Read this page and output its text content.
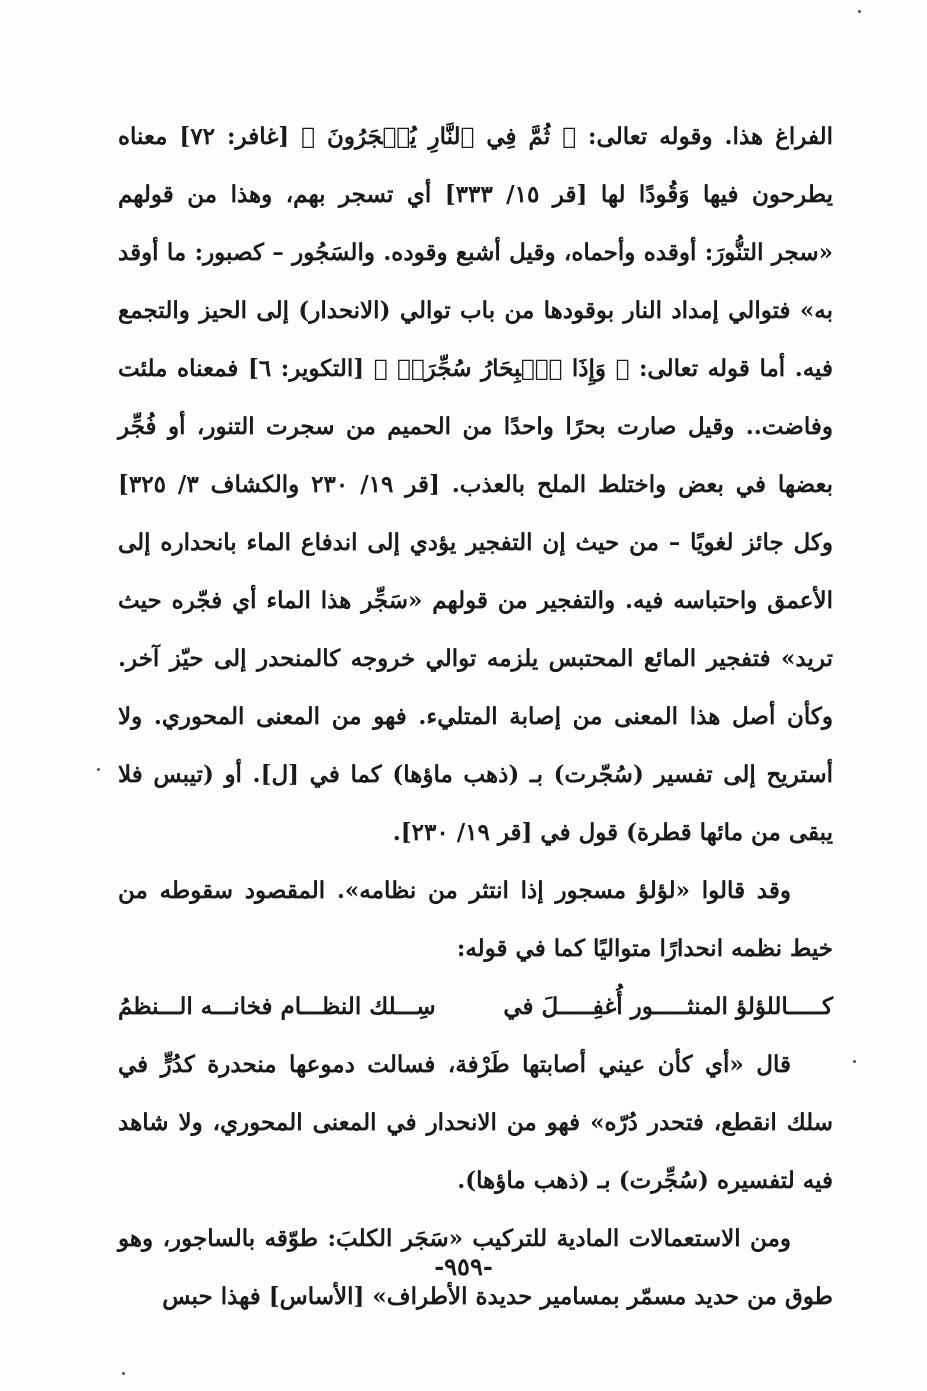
الفراغ هذا. وقوله تعالى: ﴿ ثُمَّ فِي ٱلنَّارِ يُسۡجَرُونَ ﴾ [غافر: ٧٢] معناه يطرحون فيها وَقُودًا لها [قر ١٥/ ٣٣٣] أي تسجر بهم، وهذا من قولهم «سجر التنُّورَ: أوقده وأحماه، وقيل أشبع وقوده. والسَجُور – كصبور: ما أوقد به» فتوالي إمداد النار بوقودها من باب توالي (الانحدار) إلى الحيز والتجمع فيه. أما قوله تعالى: ﴿ وَإِذَا ٱلۡبِحَارُ سُجِّرَتۡ ﴾ [التكوير: ٦] فمعناه ملئت وفاضت.. وقيل صارت بحرًا واحدًا من الحميم من سجرت التنور، أو فُجِّر بعضها في بعض واختلط الملح بالعذب. [قر ١٩/ ٢٣٠ والكشاف ٣/ ٣٢٥] وكل جائز لغويًا – من حيث إن التفجير يؤدي إلى اندفاع الماء بانحداره إلى الأعمق واحتباسه فيه. والتفجير من قولهم «سَجِّر هذا الماء أي فجّره حيث تريد» فتفجير المائع المحتبس يلزمه توالي خروجه كالمنحدر إلى حيّز آخر. وكأن أصل هذا المعنى من إصابة المتليء. فهو من المعنى المحوري. ولا أستريح إلى تفسير (سُجّرت) بـ (ذهب ماؤها) كما في [ل]. أو (تيبس فلا يبقى من مائها قطرة) قول في [قر ١٩/ ٢٣٠].

وقد قالوا «لؤلؤ مسجور إذا انتثر من نظامه». المقصود سقوطه من خيط نظمه انحدارًا متواليًا كما في قوله:

كـــــاللؤلؤ المنثـــــور أُغفِـــــلَ في
سِـــلك النظـــام فخانـــه الـــنظمُ

قال «أي كأن عيني أصابتها طَرْفة، فسالت دموعها منحدرة كدُرٍّ في سلك انقطع، فتحدر دُرّه» فهو من الانحدار في المعنى المحوري، ولا شاهد فيه لتفسيره (سُجِّرت) بـ (ذهب ماؤها).

ومن الاستعمالات المادية للتركيب «سَجَر الكلبَ: طوّقه بالساجور، وهو طوق من حديد مسمّر بمسامير حديدة الأطراف» [الأساس] فهذا حبس

-٩٥٩-
